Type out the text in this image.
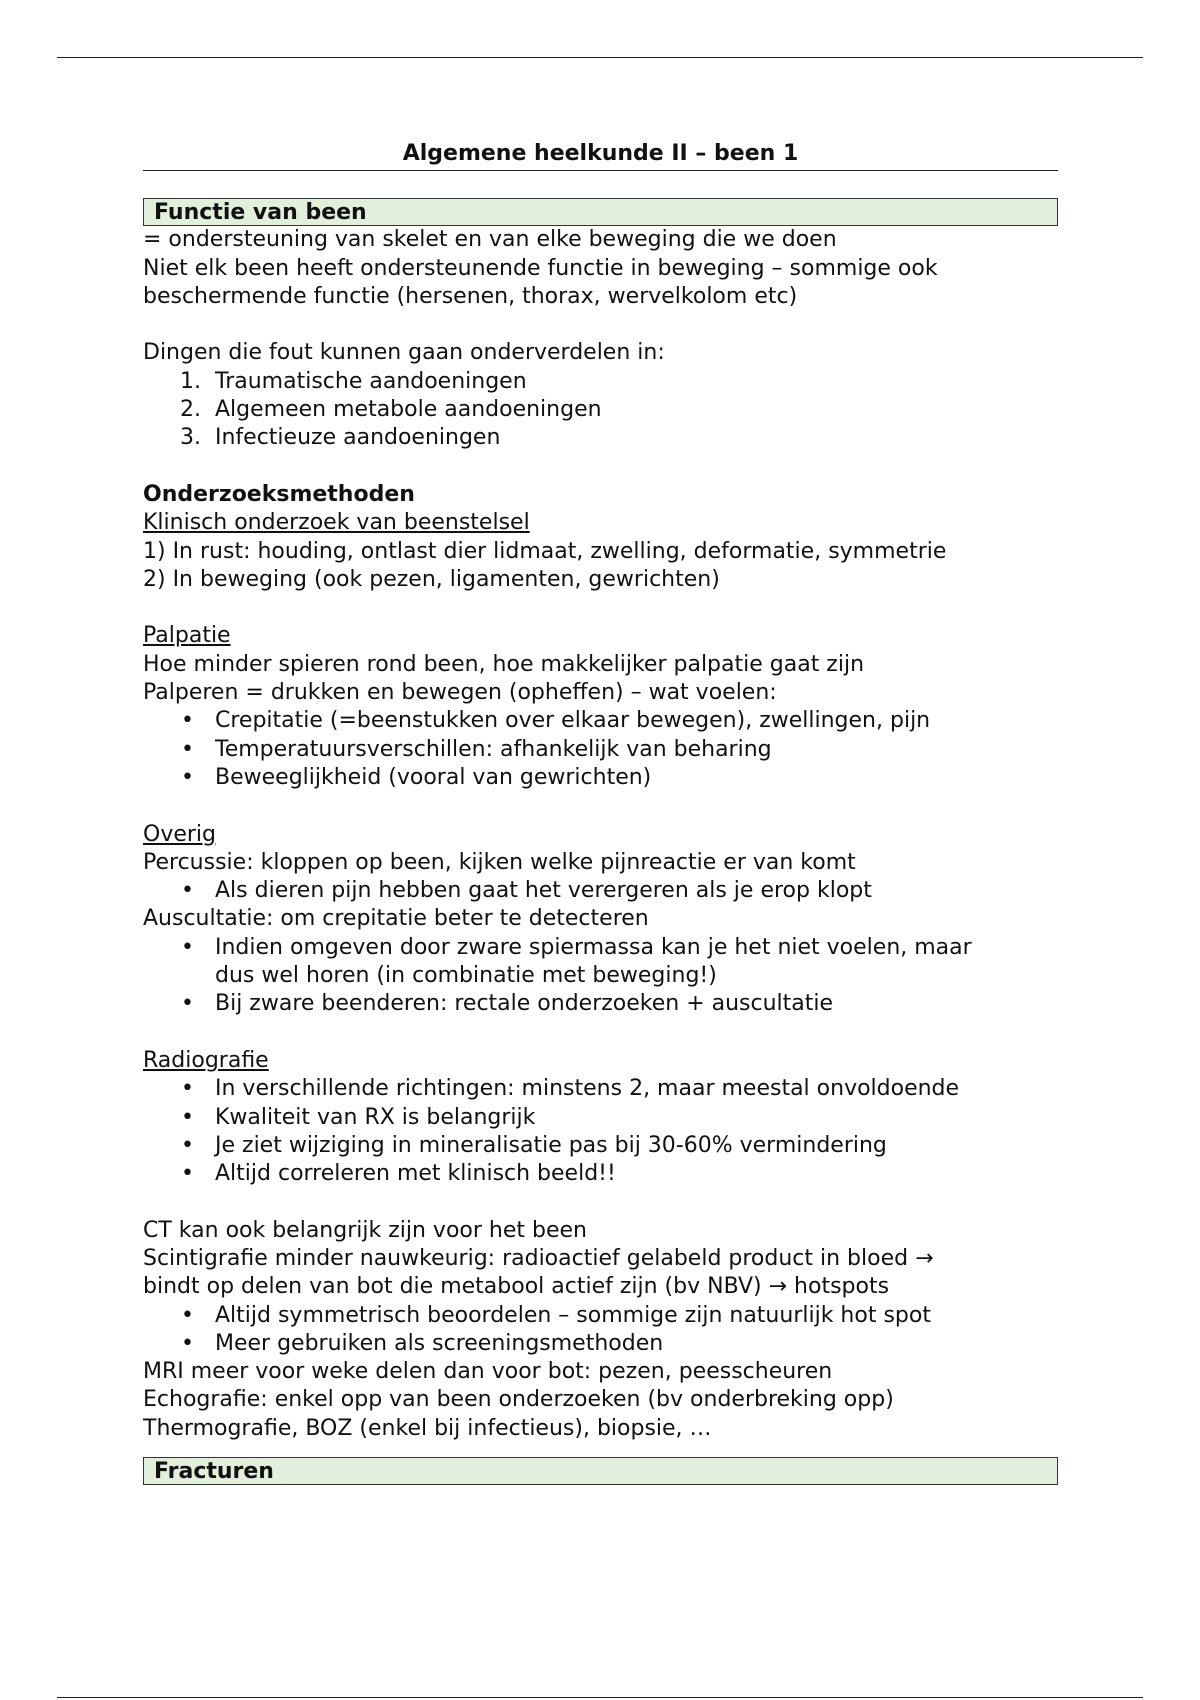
Algemene heelkunde II – been 1
Functie van been
= ondersteuning van skelet en van elke beweging die we doen
Niet elk been heeft ondersteunende functie in beweging – sommige ook
beschermende functie (hersenen, thorax, wervelkolom etc)
Dingen die fout kunnen gaan onderverdelen in:
1. Traumatische aandoeningen
2. Algemeen metabole aandoeningen
3. Infectieuze aandoeningen
Onderzoeksmethoden
Klinisch onderzoek van beenstelsel
1) In rust: houding, ontlast dier lidmaat, zwelling, deformatie, symmetrie
2) In beweging (ook pezen, ligamenten, gewrichten)
Palpatie
Hoe minder spieren rond been, hoe makkelijker palpatie gaat zijn
Palperen = drukken en bewegen (opheffen) – wat voelen:
• Crepitatie (=beenstukken over elkaar bewegen), zwellingen, pijn
• Temperatuursverschillen: afhankelijk van beharing
• Beweeglijkheid (vooral van gewrichten)
Overig
Percussie: kloppen op been, kijken welke pijnreactie er van komt
• Als dieren pijn hebben gaat het verergeren als je erop klopt
Auscultatie: om crepitatie beter te detecteren
• Indien omgeven door zware spiermassa kan je het niet voelen, maar
dus wel horen (in combinatie met beweging!)
• Bij zware beenderen: rectale onderzoeken + auscultatie
Radiografie
• In verschillende richtingen: minstens 2, maar meestal onvoldoende
• Kwaliteit van RX is belangrijk
• Je ziet wijziging in mineralisatie pas bij 30-60% vermindering
• Altijd correleren met klinisch beeld!!
CT kan ook belangrijk zijn voor het been
Scintigrafie minder nauwkeurig: radioactief gelabeld product in bloed →
bindt op delen van bot die metabool actief zijn (bv NBV) → hotspots
• Altijd symmetrisch beoordelen – sommige zijn natuurlijk hot spot
• Meer gebruiken als screeningsmethoden
MRI meer voor weke delen dan voor bot: pezen, peesscheuren
Echografie: enkel opp van been onderzoeken (bv onderbreking opp)
Thermografie, BOZ (enkel bij infectieus), biopsie, …
Fracturen
